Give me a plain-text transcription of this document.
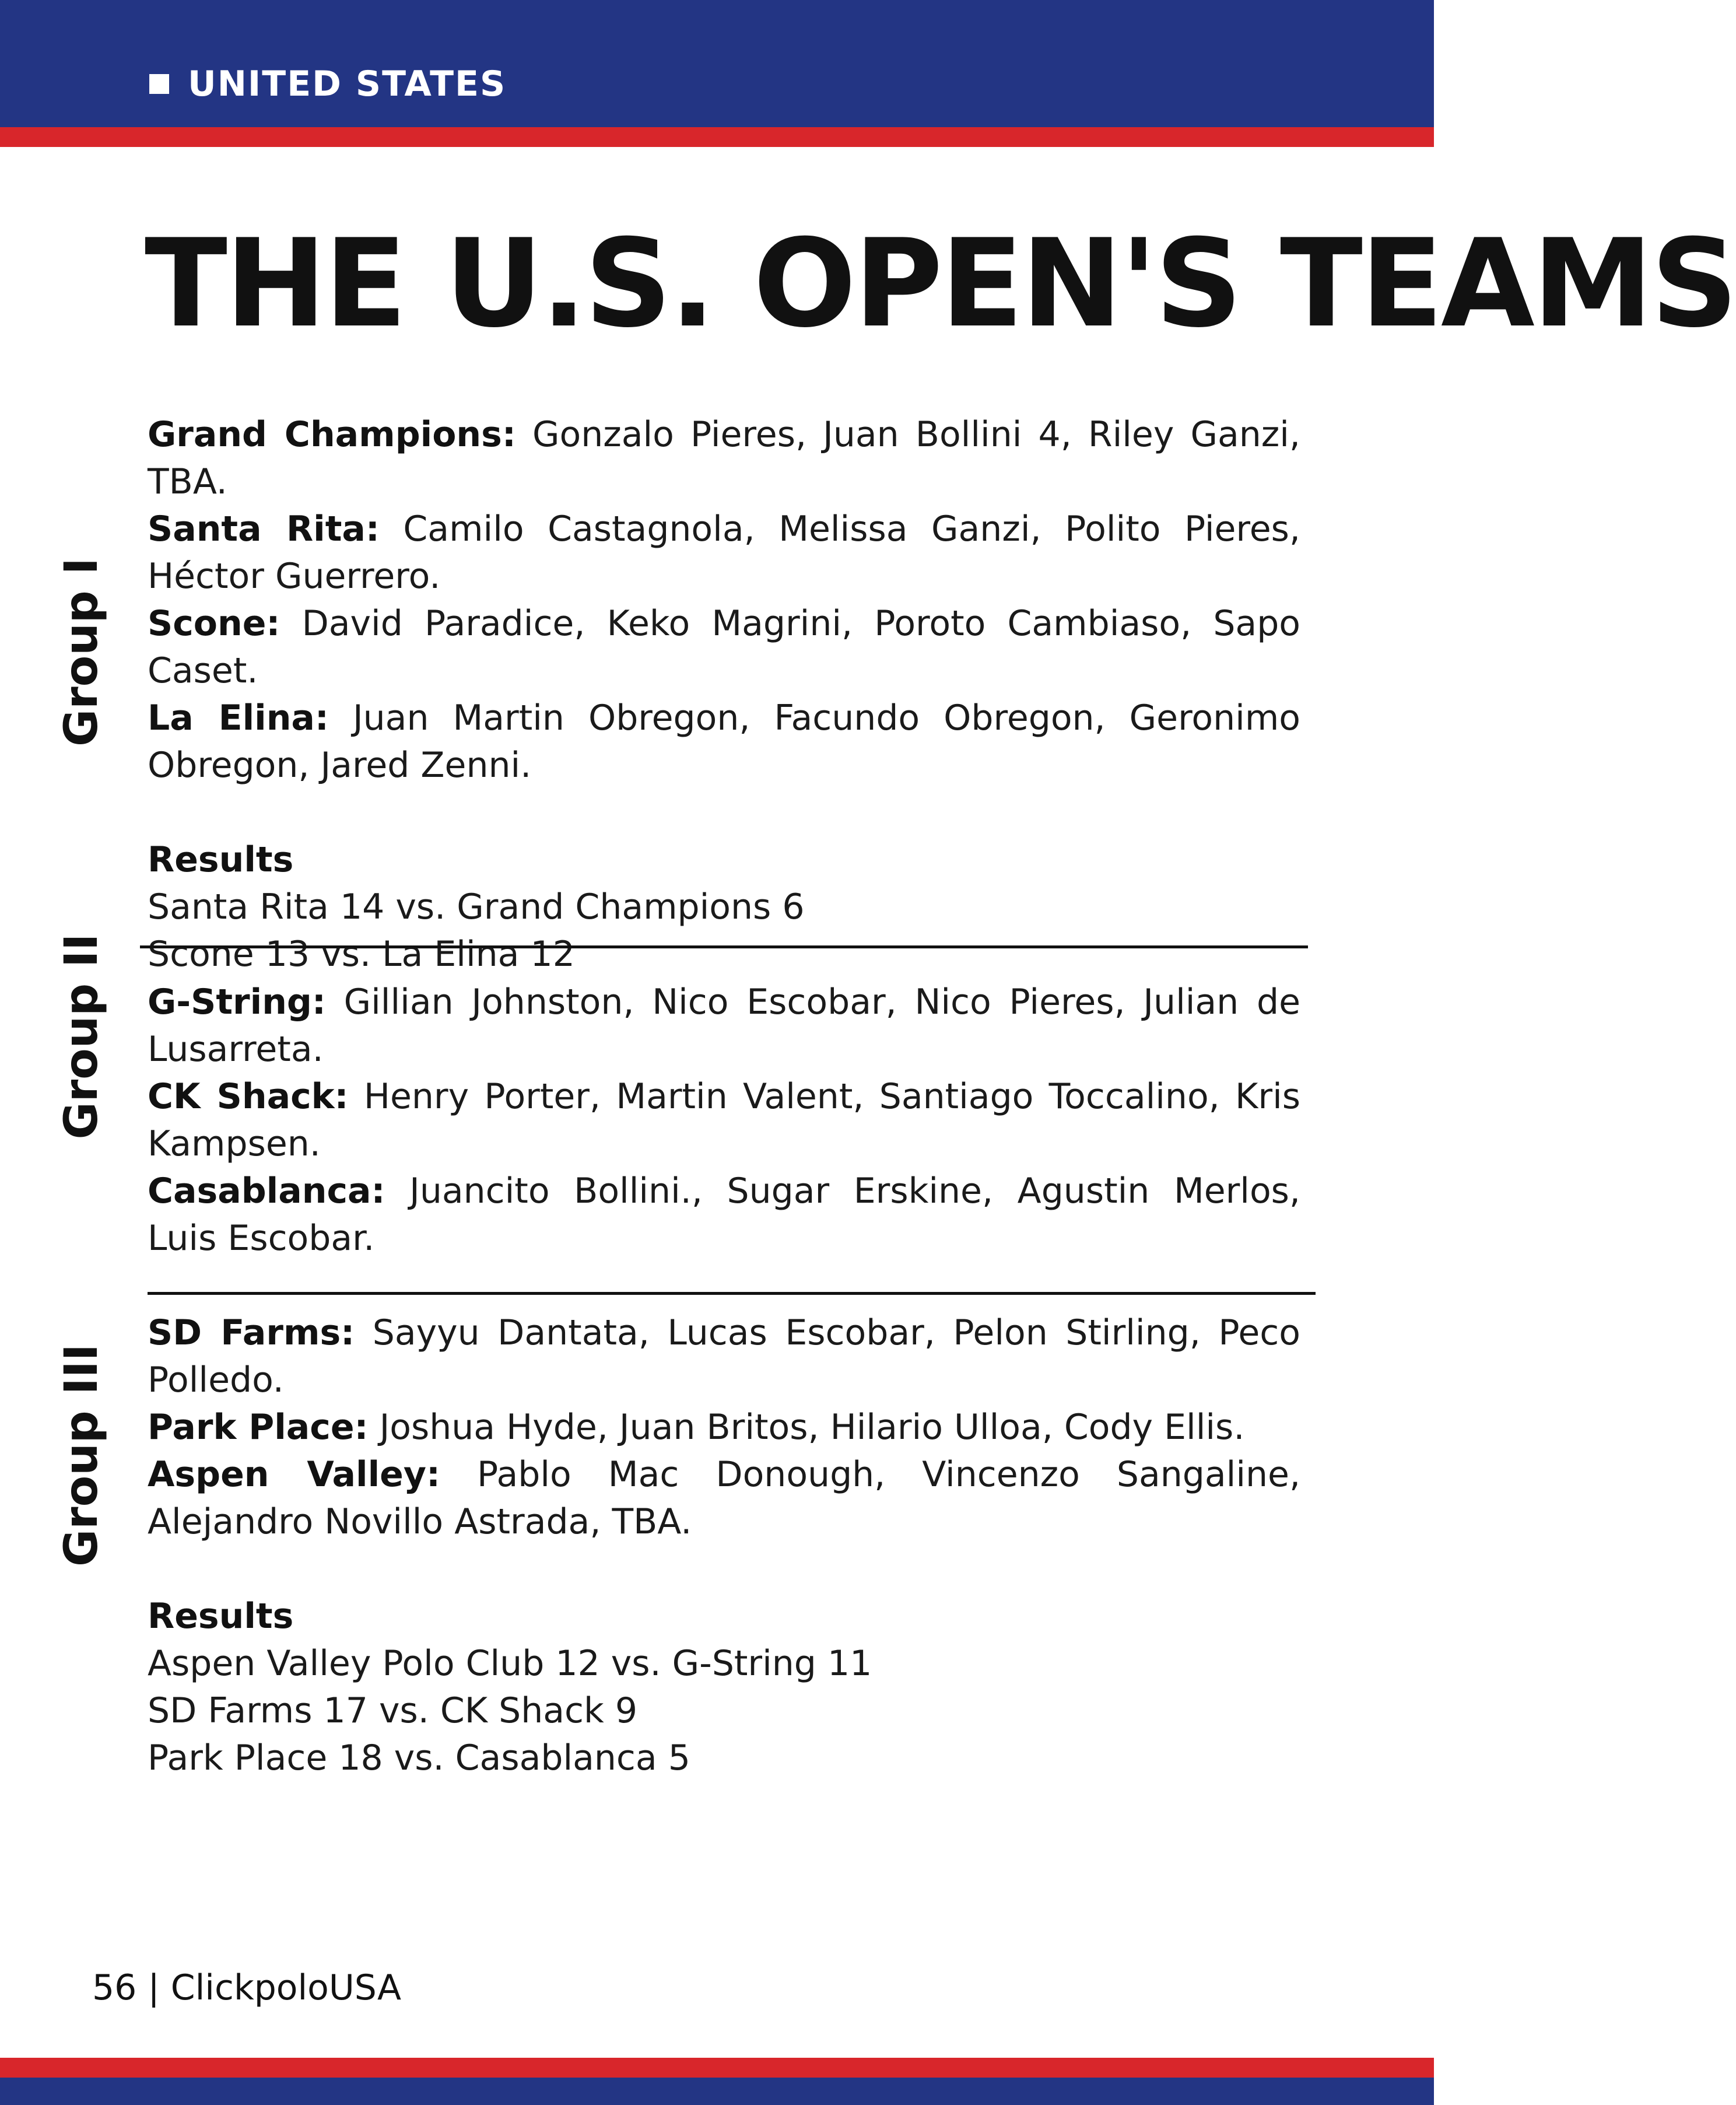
UNITED STATES
THE U.S. OPEN'S TEAMS
Group I
Group II
Group III
Grand Champions: Gonzalo Pieres, Juan Bollini 4, Riley Ganzi, TBA.
Santa Rita: Camilo Castagnola, Melissa Ganzi, Polito Pieres, Héctor Guerrero.
Scone: David Paradice, Keko Magrini, Poroto Cambiaso, Sapo Caset.
La Elina: Juan Martin Obregon, Facundo Obregon, Geronimo Obregon, Jared Zenni.
Results
Santa Rita 14 vs. Grand Champions 6
Scone 13 vs. La Elina 12
G-String: Gillian Johnston, Nico Escobar, Nico Pieres, Julian de Lusarreta.
CK Shack: Henry Porter, Martin Valent, Santiago Toccalino, Kris Kampsen.
Casablanca: Juancito Bollini., Sugar Erskine, Agustin Merlos, Luis Escobar.
SD Farms: Sayyu Dantata, Lucas Escobar, Pelon Stirling, Peco Polledo.
Park Place: Joshua Hyde, Juan Britos, Hilario Ulloa, Cody Ellis.
Aspen Valley: Pablo Mac Donough, Vincenzo Sangaline, Alejandro Novillo Astrada, TBA.
Results
Aspen Valley Polo Club 12 vs. G-String 11
SD Farms 17 vs. CK Shack 9
Park Place 18 vs. Casablanca 5
56 | ClickpoloUSA
